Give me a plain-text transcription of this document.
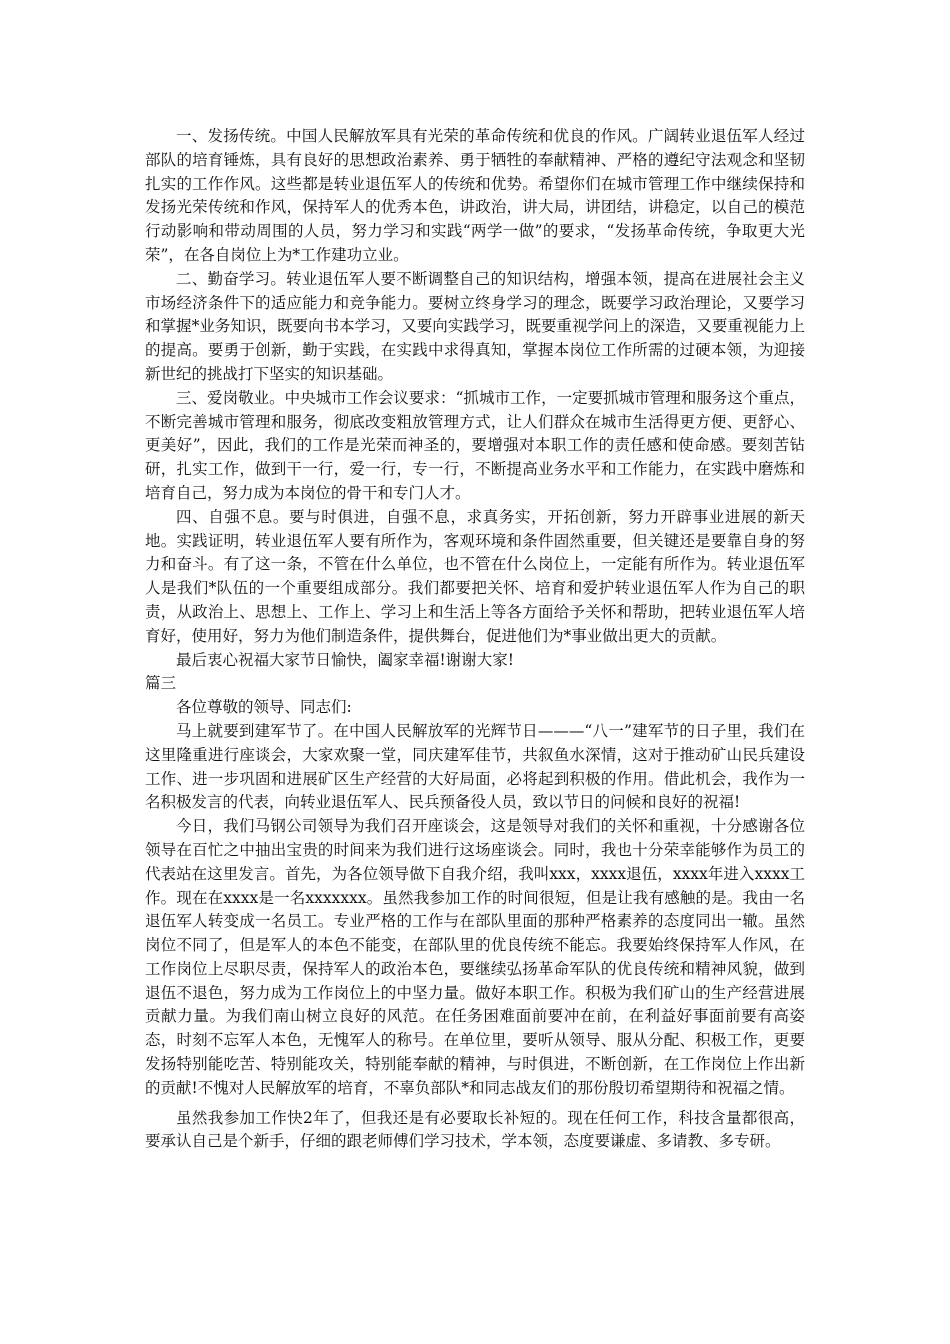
一、发扬传统。中国人民解放军具有光荣的革命传统和优良的作风。广阔转业退伍军人经过部队的培育锤炼，具有良好的思想政治素养、勇于牺牲的奉献精神、严格的遵纪守法观念和坚韧扎实的工作作风。这些都是转业退伍军人的传统和优势。希望你们在城市管理工作中继续保持和发扬光荣传统和作风，保持军人的优秀本色，讲政治，讲大局，讲团结，讲稳定，以自己的模范行动影响和带动周围的人员，努力学习和实践“两学一做”的要求，“发扬革命传统，争取更大光荣”，在各自岗位上为*工作建功立业。

二、勤奋学习。转业退伍军人要不断调整自己的知识结构，增强本领，提高在进展社会主义市场经济条件下的适应能力和竞争能力。要树立终身学习的理念，既要学习政治理论，又要学习和掌握*业务知识，既要向书本学习，又要向实践学习，既要重视学问上的深造，又要重视能力上的提高。要勇于创新，勤于实践，在实践中求得真知，掌握本岗位工作所需的过硬本领，为迎接新世纪的挑战打下坚实的知识基础。

三、爱岗敬业。中央城市工作会议要求：“抓城市工作，一定要抓城市管理和服务这个重点，不断完善城市管理和服务，彻底改变粗放管理方式，让人们群众在城市生活得更方便、更舒心、更美好”，因此，我们的工作是光荣而神圣的，要增强对本职工作的责任感和使命感。要刻苦钻研，扎实工作，做到干一行，爱一行，专一行，不断提高业务水平和工作能力，在实践中磨炼和培育自己，努力成为本岗位的骨干和专门人才。

四、自强不息。要与时俱进，自强不息，求真务实，开拓创新，努力开辟事业进展的新天地。实践证明，转业退伍军人要有所作为，客观环境和条件固然重要，但关键还是要靠自身的努力和奋斗。有了这一条，不管在什么单位，也不管在什么岗位上，一定能有所作为。转业退伍军人是我们*队伍的一个重要组成部分。我们都要把关怀、培育和爱护转业退伍军人作为自己的职责，从政治上、思想上、工作上、学习上和生活上等各方面给予关怀和帮助，把转业退伍军人培育好，使用好，努力为他们制造条件，提供舞台，促进他们为*事业做出更大的贡献。

最后衷心祝福大家节日愉快，阖家幸福!谢谢大家!

篇三

各位尊敬的领导、同志们:

马上就要到建军节了。在中国人民解放军的光辉节日———“八一”建军节的日子里，我们在这里隆重进行座谈会，大家欢聚一堂，同庆建军佳节，共叙鱼水深情，这对于推动矿山民兵建设工作、进一步巩固和进展矿区生产经营的大好局面，必将起到积极的作用。借此机会，我作为一名积极发言的代表，向转业退伍军人、民兵预备役人员，致以节日的问候和良好的祝福!

今日，我们马钢公司领导为我们召开座谈会，这是领导对我们的关怀和重视，十分感谢各位领导在百忙之中抽出宝贵的时间来为我们进行这场座谈会。同时，我也十分荣幸能够作为员工的代表站在这里发言。首先，为各位领导做下自我介绍，我叫xxx，xxxx退伍，xxxx年进入xxxx工作。现在在xxxx是一名xxxxxxx。虽然我参加工作的时间很短，但是让我有感触的是。我由一名退伍军人转变成一名员工。专业严格的工作与在部队里面的那种严格素养的态度同出一辙。虽然岗位不同了，但是军人的本色不能变，在部队里的优良传统不能忘。我要始终保持军人作风，在工作岗位上尽职尽责，保持军人的政治本色，要继续弘扬革命军队的优良传统和精神风貌，做到退伍不退色，努力成为工作岗位上的中坚力量。做好本职工作。积极为我们矿山的生产经营进展贡献力量。为我们南山树立良好的风范。在任务困难面前要冲在前，在利益好事面前要有高姿态，时刻不忘军人本色，无愧军人的称号。在单位里，要听从领导、服从分配、积极工作，更要发扬特别能吃苦、特别能攻关，特别能奉献的精神，与时俱进，不断创新，在工作岗位上作出新的贡献!不愧对人民解放军的培育，不辜负部队*和同志战友们的那份殷切希望期待和祝福之情。

虽然我参加工作快2年了，但我还是有必要取长补短的。现在任何工作，科技含量都很高，要承认自己是个新手，仔细的跟老师傅们学习技术，学本领，态度要谦虚、多请教、多专研。
